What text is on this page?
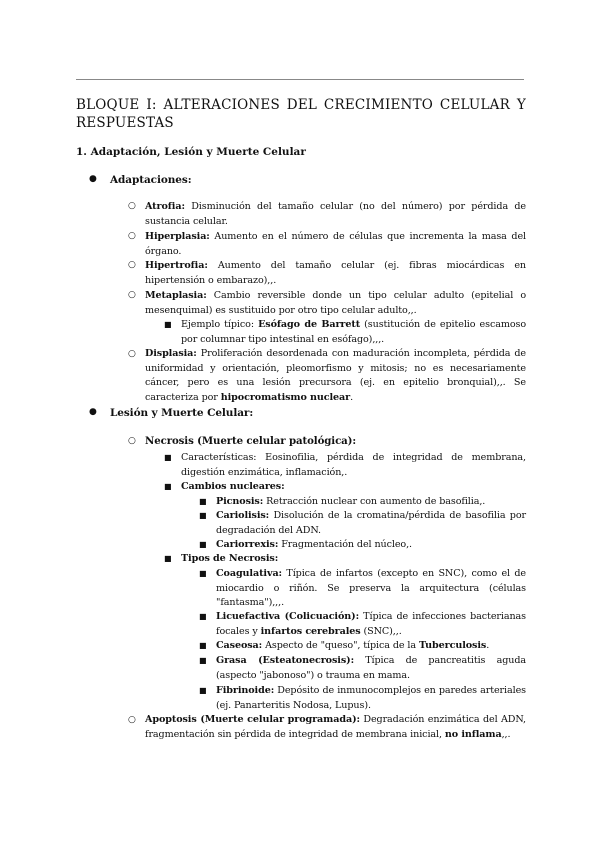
BLOQUE I: ALTERACIONES DEL CRECIMIENTO CELULAR Y RESPUESTAS
1. Adaptación, Lesión y Muerte Celular
● Adaptaciones:
○ Atrofia: Disminución del tamaño celular (no del número) por pérdida de sustancia celular.
○ Hiperplasia: Aumento en el número de células que incrementa la masa del órgano.
○ Hipertrofia: Aumento del tamaño celular (ej. fibras miocárdicas en hipertensión o embarazo),,.
○ Metaplasia: Cambio reversible donde un tipo celular adulto (epitelial o mesenquimal) es sustituido por otro tipo celular adulto,,.
■ Ejemplo típico: Esófago de Barrett (sustitución de epitelio escamoso por columnar tipo intestinal en esófago),,,.
○ Displasia: Proliferación desordenada con maduración incompleta, pérdida de uniformidad y orientación, pleomorfismo y mitosis; no es necesariamente cáncer, pero es una lesión precursora (ej. en epitelio bronquial),,. Se caracteriza por hipocromatismo nuclear.
● Lesión y Muerte Celular:
○ Necrosis (Muerte celular patológica):
■ Características: Eosinofilia, pérdida de integridad de membrana, digestión enzimática, inflamación,.
■ Cambios nucleares:
■ Picnosis: Retracción nuclear con aumento de basofilia,.
■ Cariolisis: Disolución de la cromatina/pérdida de basofilia por degradación del ADN.
■ Cariorrexis: Fragmentación del núcleo,.
■ Tipos de Necrosis:
■ Coagulativa: Típica de infartos (excepto en SNC), como el de miocardio o riñón. Se preserva la arquitectura (células "fantasma"),,,.
■ Licuefactiva (Colicuación): Típica de infecciones bacterianas focales y infartos cerebrales (SNC),,.
■ Caseosa: Aspecto de "queso", típica de la Tuberculosis.
■ Grasa (Esteatonecrosis): Típica de pancreatitis aguda (aspecto "jabonoso") o trauma en mama.
■ Fibrinoide: Depósito de inmunocomplejos en paredes arteriales (ej. Panarteritis Nodosa, Lupus).
○ Apoptosis (Muerte celular programada): Degradación enzimática del ADN, fragmentación sin pérdida de integridad de membrana inicial, no inflama,,.
